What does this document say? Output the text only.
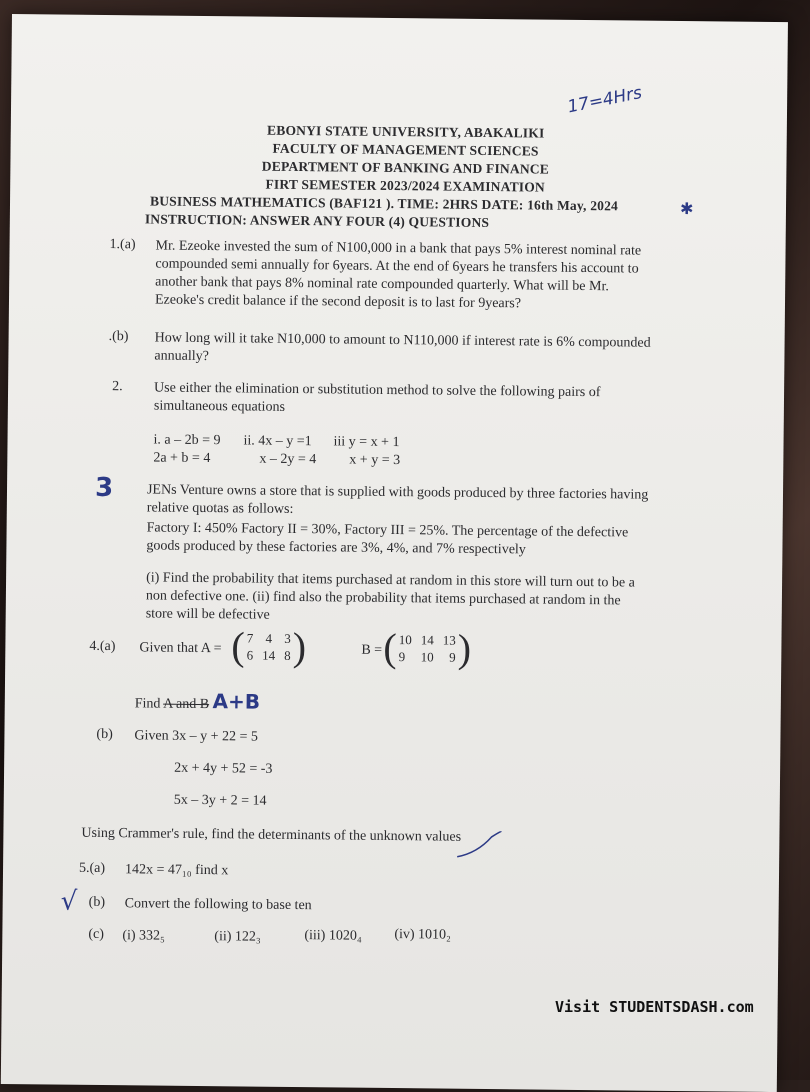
17=4Hrs
EBONYI STATE UNIVERSITY, ABAKALIKI
FACULTY OF MANAGEMENT SCIENCES
DEPARTMENT OF BANKING AND FINANCE
FIRT SEMESTER 2023/2024 EXAMINATION
BUSINESS MATHEMATICS (BAF121 ). TIME: 2HRS DATE: 16th May, 2024
INSTRUCTION: ANSWER ANY FOUR (4) QUESTIONS
✱
1.(a) Mr. Ezeoke invested the sum of N100,000 in a bank that pays 5% interest nominal rate
compounded semi annually for 6years. At the end of 6years he transfers his account to
another bank that pays 8% nominal rate compounded quarterly. What will be Mr.
Ezeoke's credit balance if the second deposit is to last for 9years?
.(b) How long will it take N10,000 to amount to N110,000 if interest rate is 6% compounded
annually?
2. Use either the elimination or substitution method to solve the following pairs of
simultaneous equations
i. a – 2b = 9
2a + b = 4
ii. 4x – y =1
x – 2y = 4
iii y = x + 1
x + y = 3
3 JENs Venture owns a store that is supplied with goods produced by three factories having
relative quotas as follows:
Factory I: 450% Factory II = 30%, Factory III = 25%. The percentage of the defective
goods produced by these factories are 3%, 4%, and 7% respectively
(i) Find the probability that items purchased at random in this store will turn out to be a
non defective one. (ii) find also the probability that items purchased at random in the
store will be defective
4.(a) Given that A = ( 7 4 3
6 14 8 )	B = ( 10 14 13
9 10 9 )
Find A and B A+B
(b) Given 3x – y + 22 = 5
2x + 4y + 52 = -3
5x – 3y + 2 = 14
Using Crammer's rule, find the determinants of the unknown values
5.(a) 142x = 47₁₀ find x
√ (b) Convert the following to base ten
(c) (i) 332₅	(ii) 122₃	(iii) 1020₄ (iv) 1010₂
Visit STUDENTSDASH.com
